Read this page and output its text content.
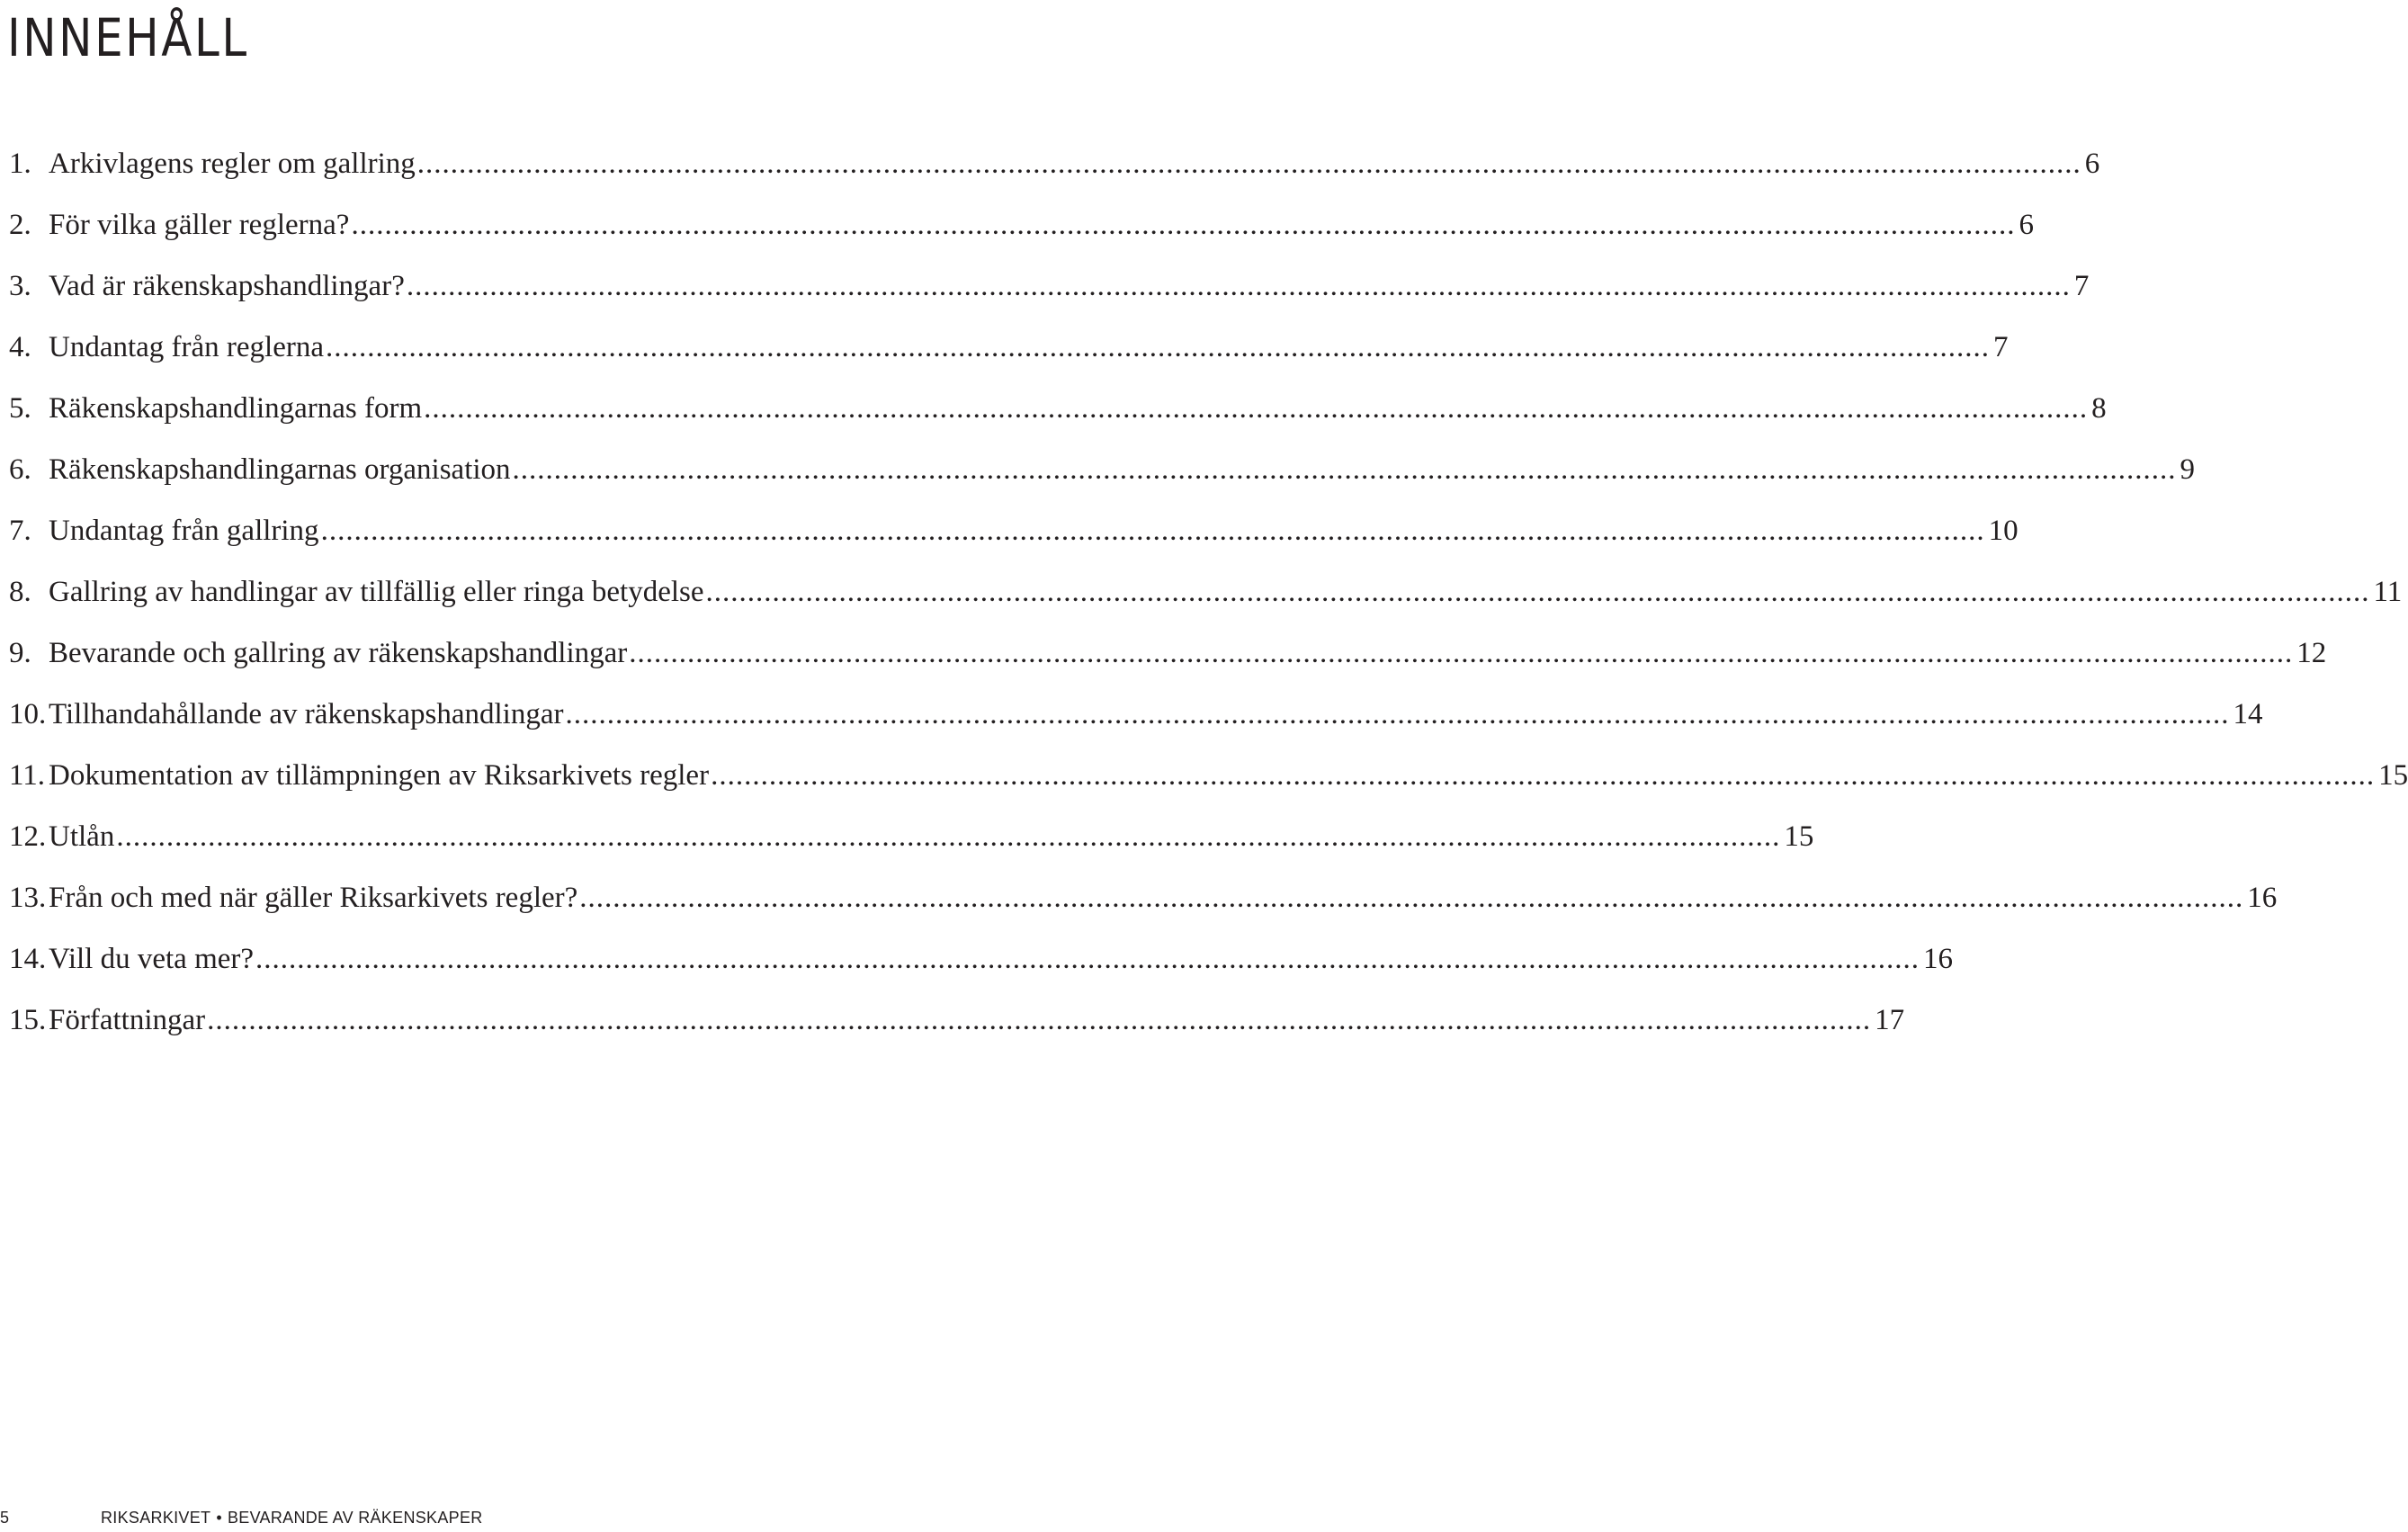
INNEHÅLL
1. Arkivlagens regler om gallring ........................................................................................................................................................................................................ 6
2. För vilka gäller reglerna? ........................................................................................................................................................................................................ 6
3. Vad är räkenskapshandlingar? ........................................................................................................................................................................................................ 7
4. Undantag från reglerna ........................................................................................................................................................................................................ 7
5. Räkenskapshandlingarnas form ........................................................................................................................................................................................................ 8
6. Räkenskapshandlingarnas organisation ........................................................................................................................................................................................................ 9
7. Undantag från gallring ........................................................................................................................................................................................................ 10
8. Gallring av handlingar av tillfällig eller ringa betydelse ........................................................................................................................................................................................................ 11
9. Bevarande och gallring av räkenskapshandlingar ........................................................................................................................................................................................................ 12
10. Tillhandahållande av räkenskapshandlingar ........................................................................................................................................................................................................ 14
11. Dokumentation av tillämpningen av Riksarkivets regler ........................................................................................................................................................................................................ 15
12. Utlån ........................................................................................................................................................................................................ 15
13. Från och med när gäller Riksarkivets regler? ........................................................................................................................................................................................................ 16
14. Vill du veta mer? ........................................................................................................................................................................................................ 16
15. Författningar ........................................................................................................................................................................................................ 17
5	RIKSARKIVET • BEVARANDE AV RÄKENSKAPER
